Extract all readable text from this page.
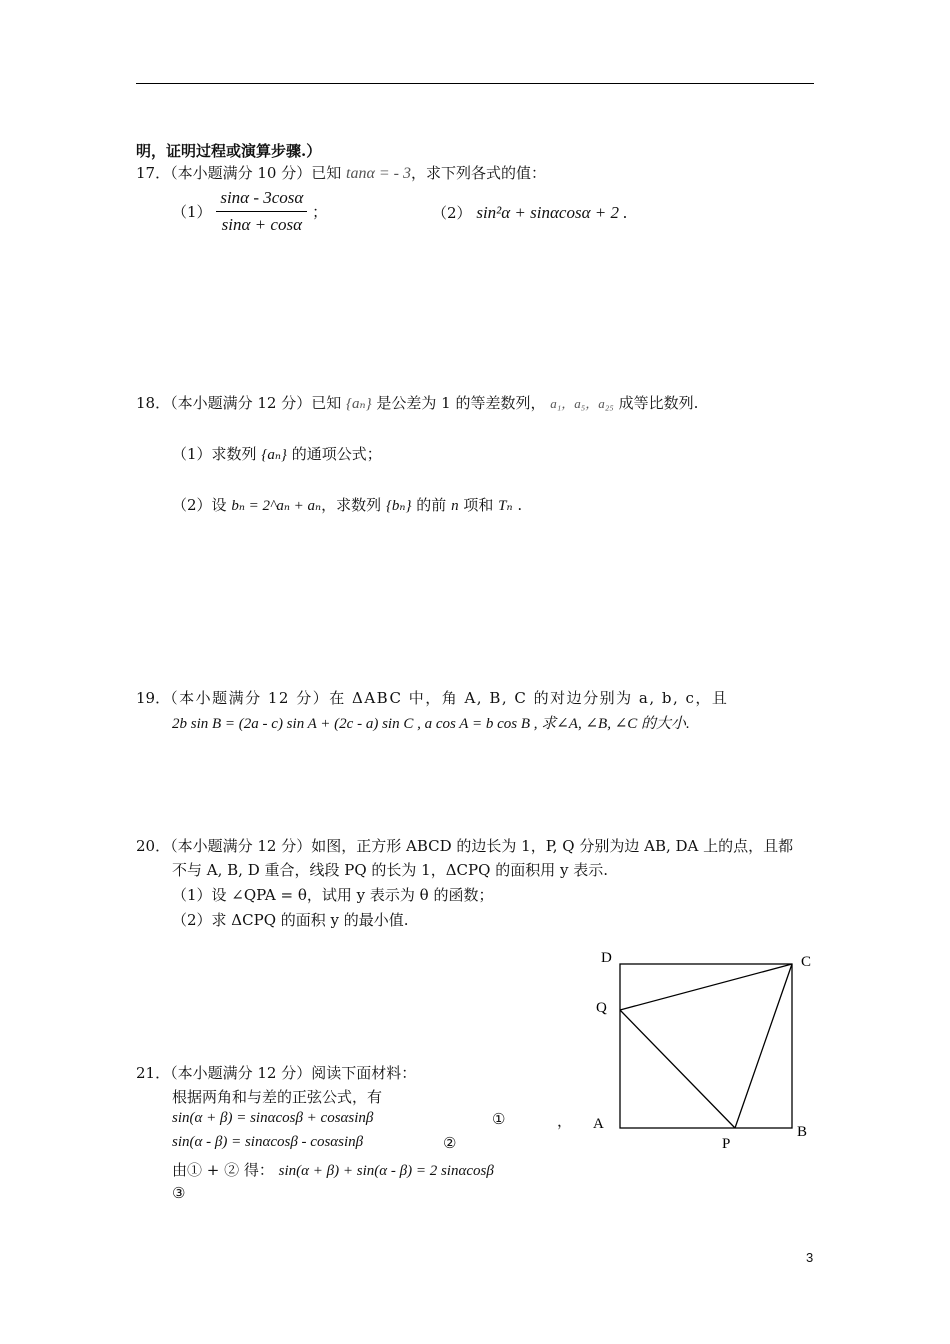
明，证明过程或演算步骤.）
17．（本小题满分 10 分）已知 tanα = - 3，求下列各式的值：
$(1) \frac{\sin\alpha - 3\cos\alpha}{\sin\alpha + \cos\alpha}$ ；	（2） sin²α + sinαcosα + 2 .
18．（本小题满分 12 分）已知 {aₙ} 是公差为 1 的等差数列， a₁，a₅，a₂₅ 成等比数列.
（1）求数列 {aₙ} 的通项公式；
（2）设 bₙ = 2^aₙ + aₙ，求数列 {bₙ} 的前 n 项和 Tₙ .
19．（本小题满分 12 分）在 ΔABC 中，角 A, B, C 的对边分别为 a, b, c，且
2b sin B = (2a - c) sin A + (2c - a) sin C , a cos A = b cos B , 求∠A, ∠B, ∠C 的大小.
20．（本小题满分 12 分）如图，正方形 ABCD 的边长为 1，P, Q 分别为边 AB, DA 上的点，且都
不与 A, B, D 重合，线段 PQ 的长为 1，ΔCPQ 的面积用 y 表示.
（1）设 ∠QPA = θ，试用 y 表示为 θ 的函数；
（2）求 ΔCPQ 的面积 y 的最小值.
D	C
Q
A
P
B
21．（本小题满分 12 分）阅读下面材料：
根据两角和与差的正弦公式，有
sin(α + β) = sinαcosβ + cosαsinβ	①	，
sin(α - β) = sinαcosβ - cosαsinβ	②
由① + ② 得： sin(α + β) + sin(α - β) = 2 sinαcosβ
③
3
